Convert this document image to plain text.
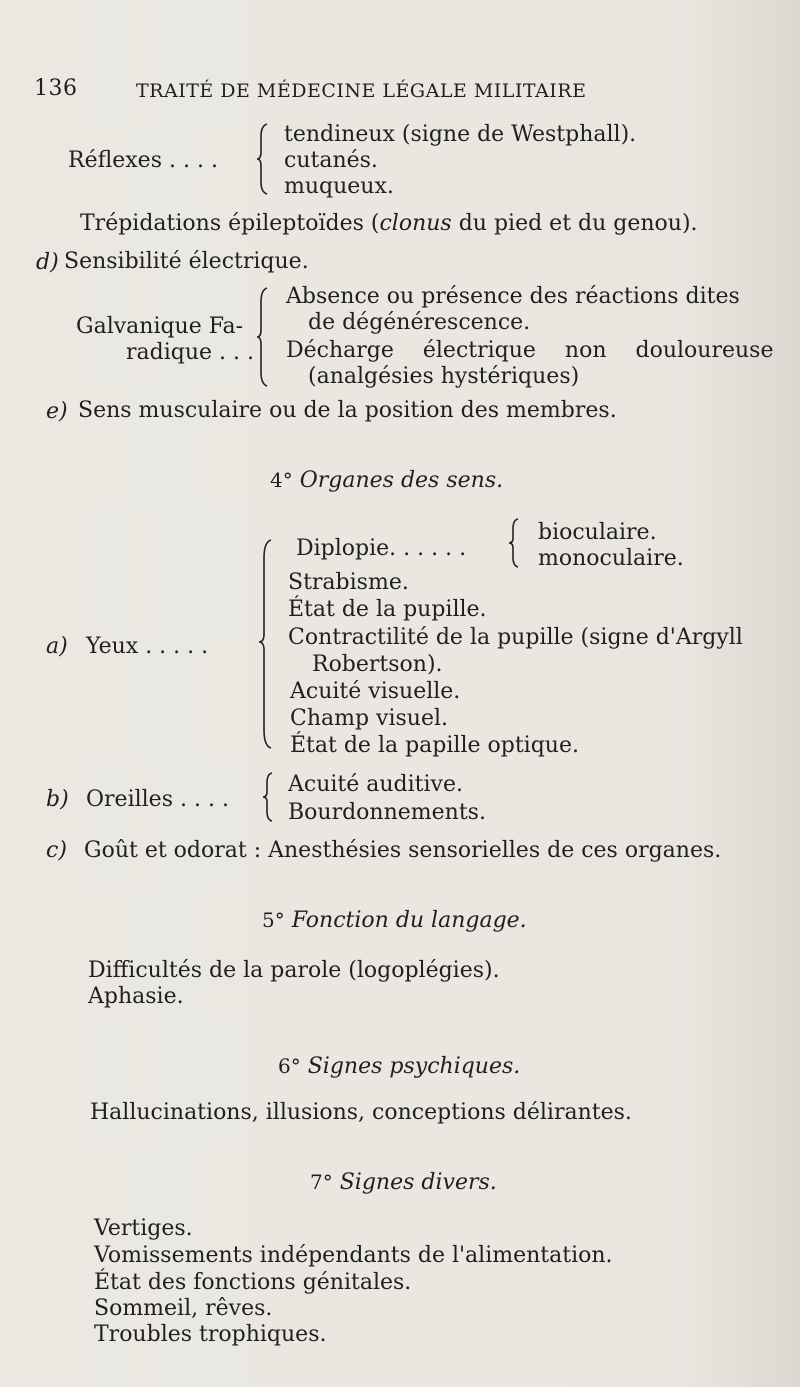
136	TRAITÉ DE MÉDECINE LÉGALE MILITAIRE
Réflexes . . . .
tendineux (signe de Westphall).
cutanés.
muqueux.
Trépidations épileptoïdes (clonus du pied et du genou).
d) Sensibilité électrique.
Galvanique Fa-
radique . . .
Absence ou présence des réactions dites
de dégénérescence.
Décharge électrique non douloureuse
(analgésies hystériques)
e) Sens musculaire ou de la position des membres.
4° Organes des sens.
Diplopie. . . . . .
bioculaire.
monoculaire.
a) Yeux . . . . .
Strabisme.
État de la pupille.
Contractilité de la pupille (signe d'Argyll
Robertson).
Acuité visuelle.
Champ visuel.
État de la papille optique.
b) Oreilles . . . .
Acuité auditive.
Bourdonnements.
c) Goût et odorat : Anesthésies sensorielles de ces organes.
5° Fonction du langage.
Difficultés de la parole (logoplégies).
Aphasie.
6° Signes psychiques.
Hallucinations, illusions, conceptions délirantes.
7° Signes divers.
Vertiges.
Vomissements indépendants de l'alimentation.
État des fonctions génitales.
Sommeil, rêves.
Troubles trophiques.
